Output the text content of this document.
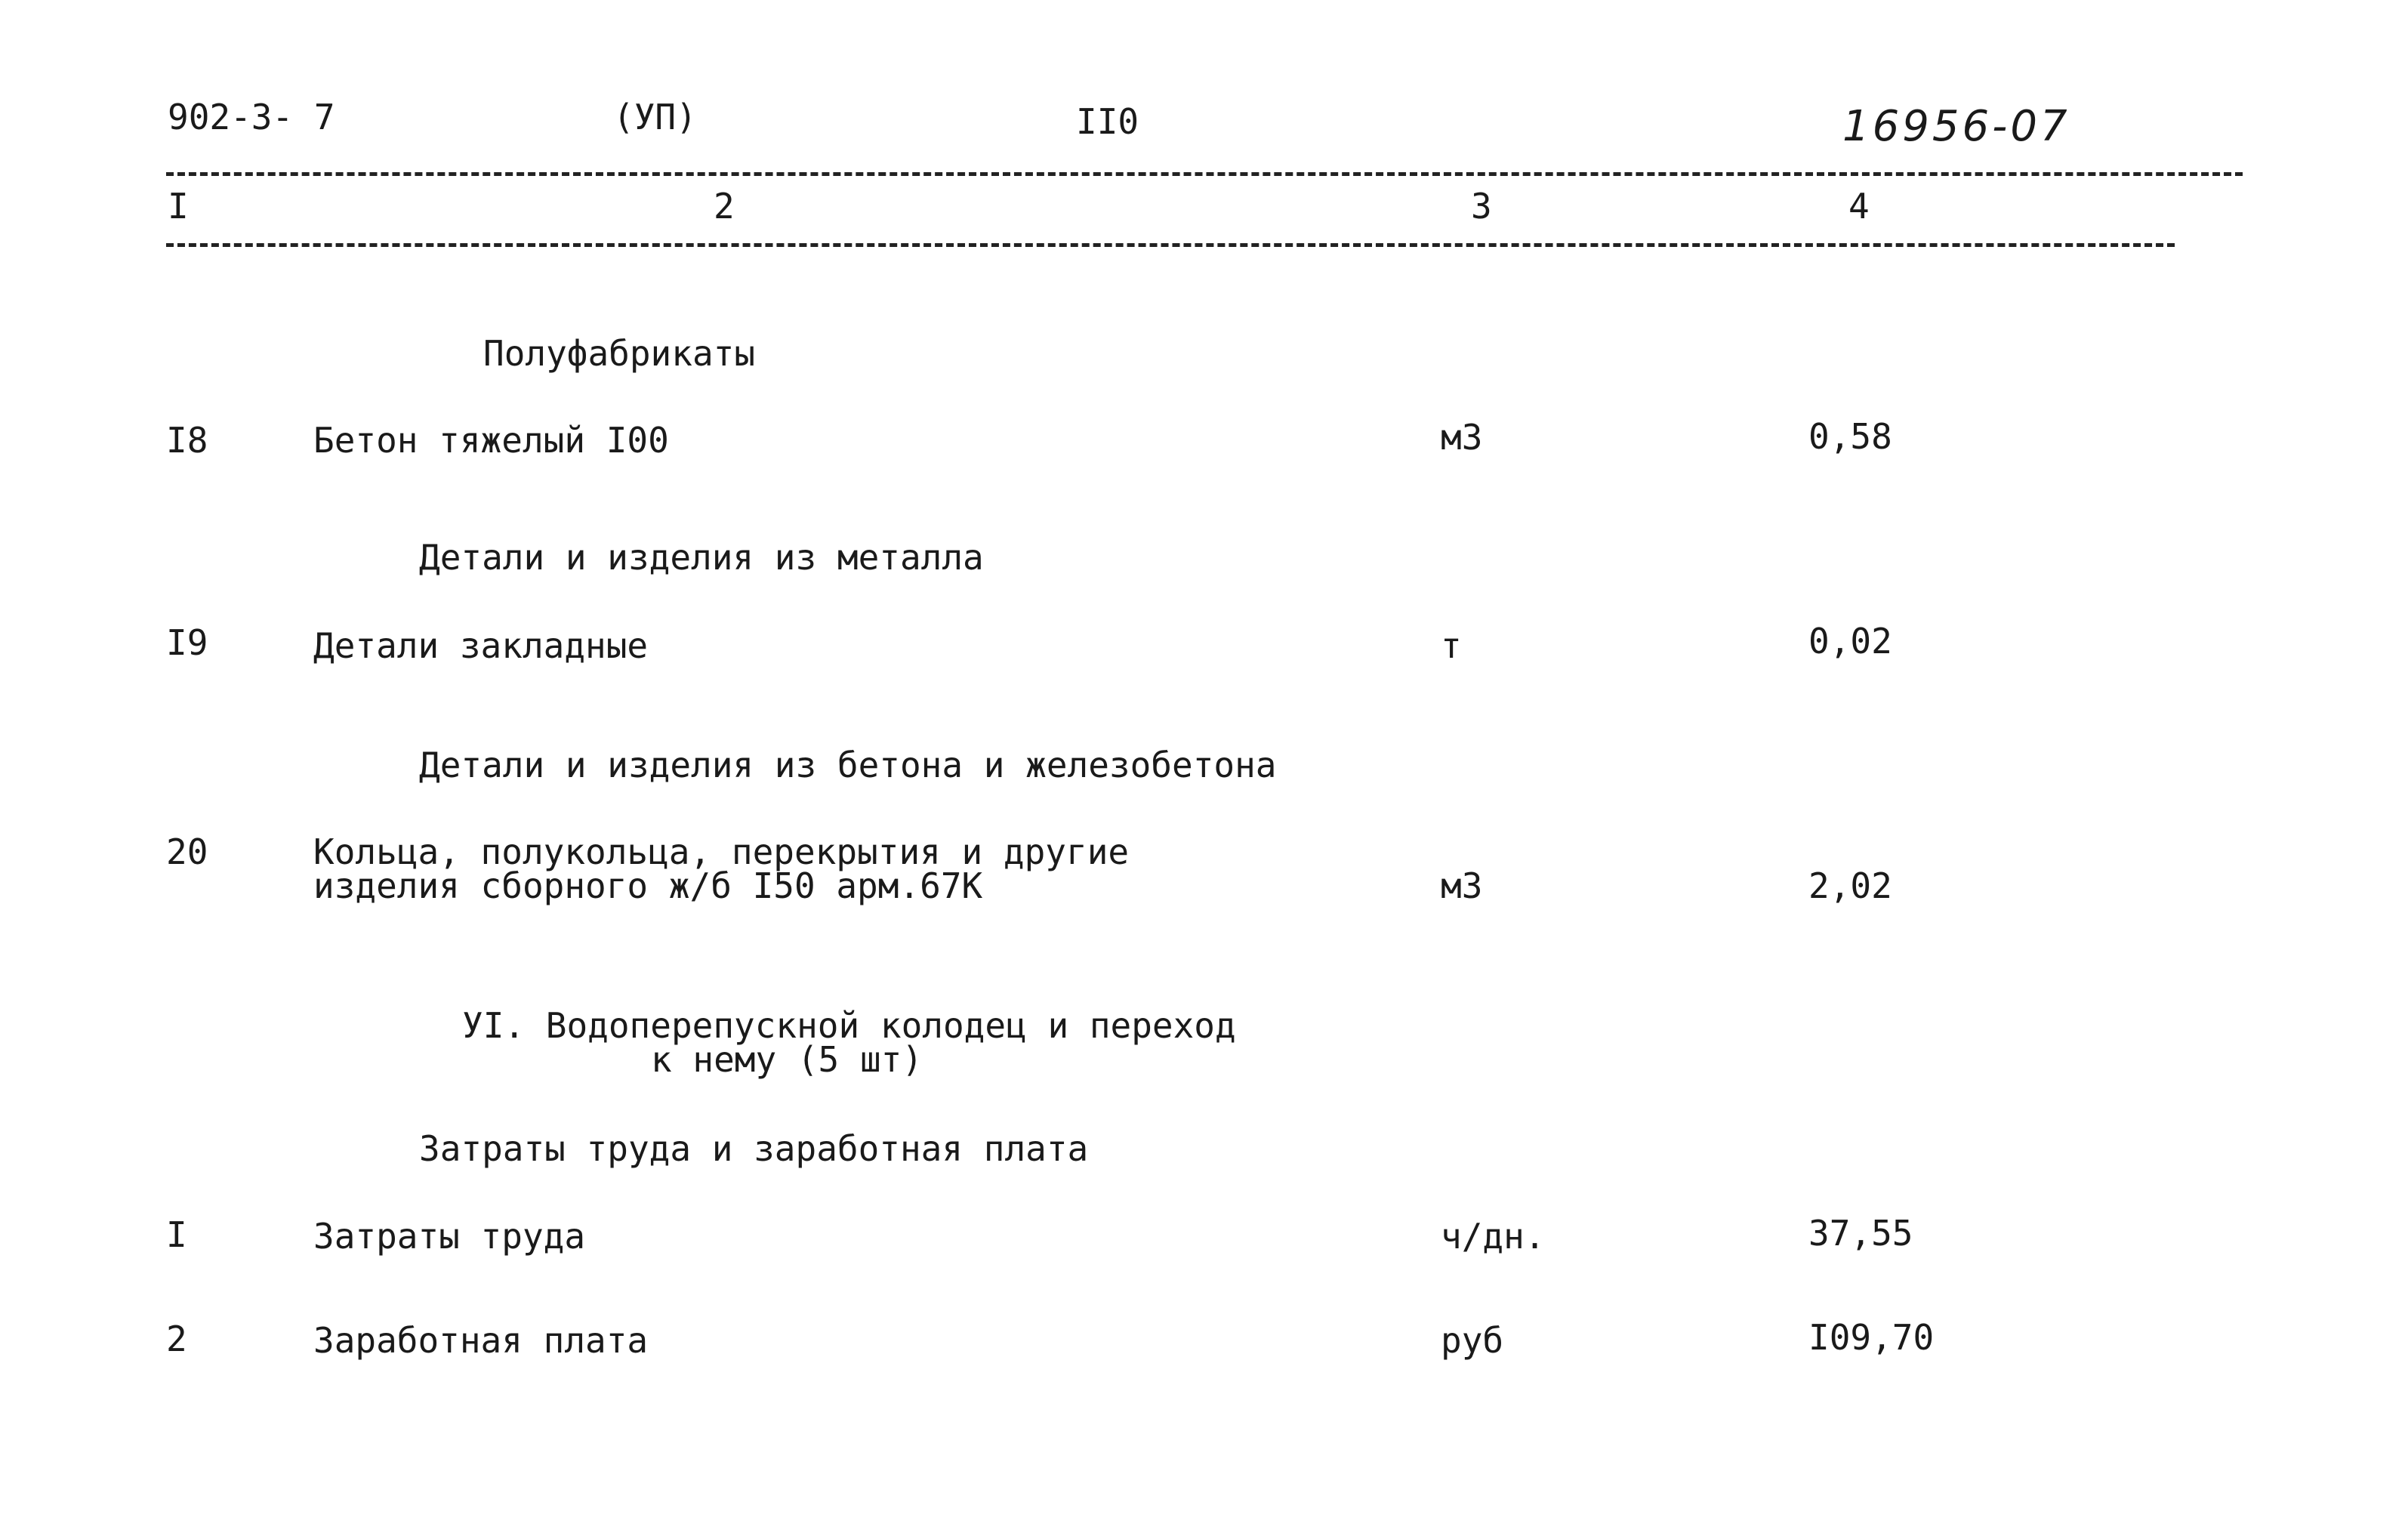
902-3- 7	(УП)	II0	16956-07
I	2	3	4
Полуфабрикаты
I8	Бетон тяжелый I00	м3	0,58
Детали и изделия из металла
I9	Детали закладные	т	0,02
Детали и изделия из бетона и железобетона
20	Кольца, полукольца, перекрытия и другие
изделия сборного ж/б I50 арм.67К	м3	2,02
УI. Водоперепускной колодец и переход
к нему (5 шт)
Затраты труда и заработная плата
I	Затраты труда	ч/дн.	37,55
2	Заработная плата	руб	I09,70
